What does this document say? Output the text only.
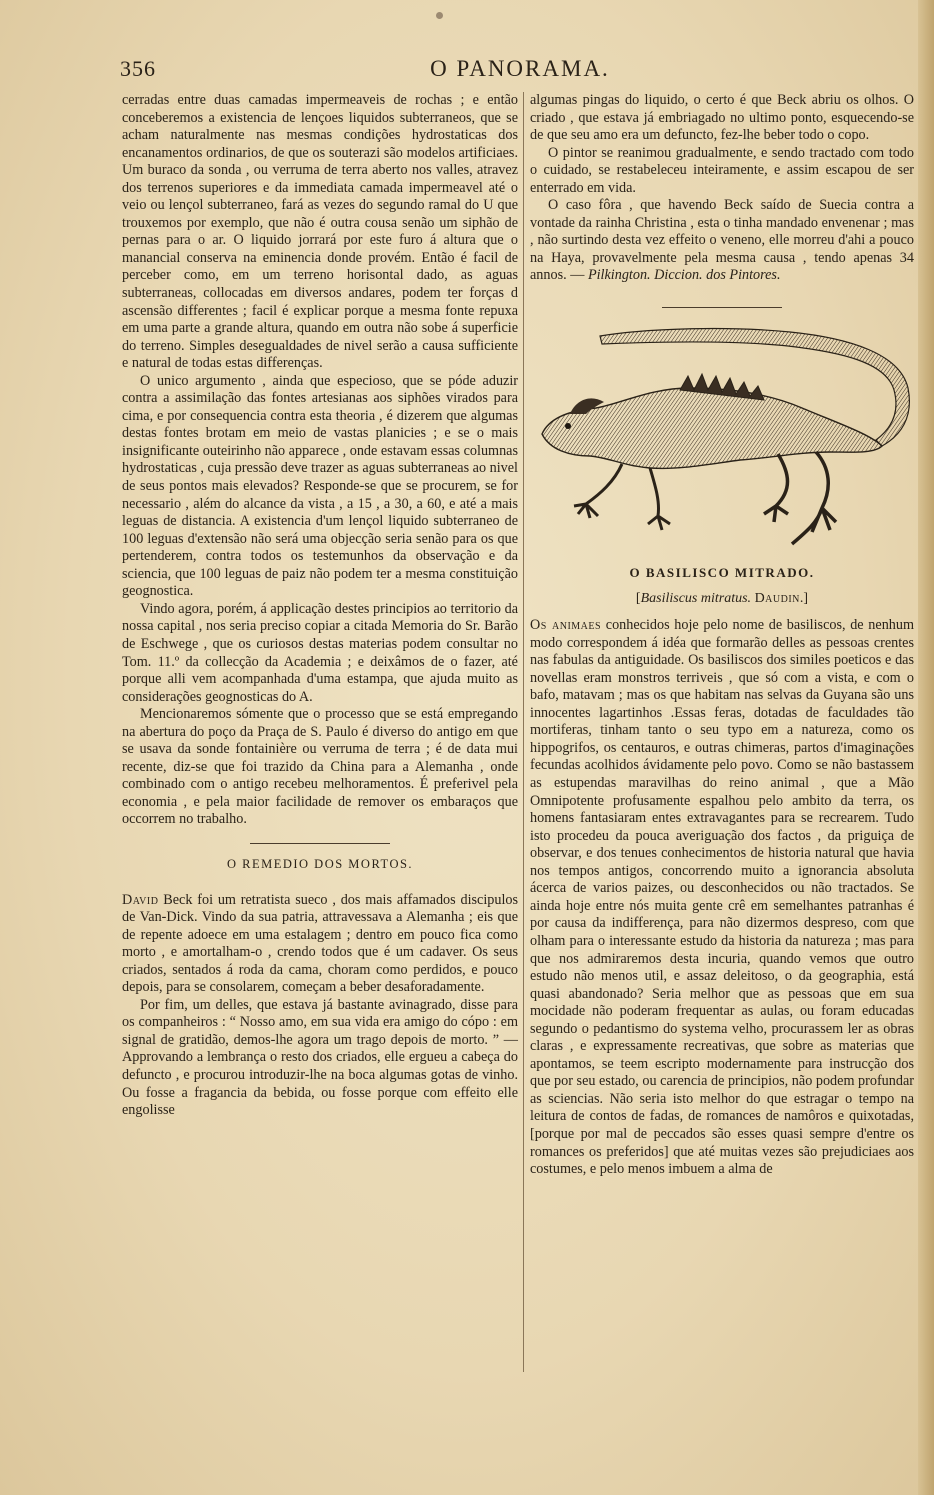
356	O PANORAMA.

cerradas entre duas camadas impermeaveis de rochas ; e então conceberemos a existencia de lençoes liquidos subterraneos, que se acham naturalmente nas mesmas condições hydrostaticas dos encanamentos ordinarios, de que os souterazi são modelos artificiaes. Um buraco da sonda , ou verruma de terra aberto nos valles, atravez dos terrenos superiores e da immediata camada impermeavel até o veio ou lençol subterraneo, fará as vezes do segundo ramal do U que trouxemos por exemplo, que não é outra cousa senão um siphão de pernas para o ar. O liquido jorrará por este furo á altura que o manancial conserva na eminencia donde provém. Então é facil de perceber como, em um terreno horisontal dado, as aguas subterraneas, collocadas em diversos andares, podem ter forças d ascensão differentes ; facil é explicar porque a mesma fonte repuxa em uma parte a grande altura, quando em outra não sobe á superficie do terreno. Simples desegualdades de nivel serão a causa sufficiente e natural de todas estas differenças.

O unico argumento , ainda que especioso, que se póde aduzir contra a assimilação das fontes artesianas aos siphões virados para cima, e por consequencia contra esta theoria , é dizerem que algumas destas fontes brotam em meio de vastas planicies ; e se o mais insignificante outeirinho não apparece , onde estavam essas columnas hydrostaticas , cuja pressão deve trazer as aguas subterraneas ao nivel de seus pontos mais elevados? Responde-se que se procurem, se for necessario , além do alcance da vista , a 15 , a 30, a 60, e até a mais leguas de distancia. A existencia d'um lençol liquido subterraneo de 100 leguas d'extensão não será uma objecção seria senão para os que pertenderem, contra todos os testemunhos da observação e da sciencia, que 100 leguas de paiz não podem ter a mesma constituição geognostica.

Vindo agora, porém, á applicação destes principios ao territorio da nossa capital , nos seria preciso copiar a citada Memoria do Sr. Barão de Eschwege , que os curiosos destas materias podem consultar no Tom. 11.º da collecção da Academia ; e deixâmos de o fazer, até porque alli vem acompanhada d'uma estampa, que ajuda muito as considerações geognosticas do A.

Mencionaremos sómente que o processo que se está empregando na abertura do poço da Praça de S. Paulo é diverso do antigo em que se usava da sonde fontainière ou verruma de terra ; é de data mui recente, diz-se que foi trazido da China para a Alemanha , onde combinado com o antigo recebeu melhoramentos. É preferivel pela economia , e pela maior facilidade de remover os embaraços que occorrem no trabalho.

O REMEDIO DOS MORTOS.

David Beck foi um retratista sueco , dos mais affamados discipulos de Van-Dick. Vindo da sua patria, attravessava a Alemanha ; eis que de repente adoece em uma estalagem ; dentro em pouco fica como morto , e amortalham-o , crendo todos que é um cadaver. Os seus criados, sentados á roda da cama, choram como perdidos, e pouco depois, para se consolarem, começam a beber desaforadamente.

Por fim, um delles, que estava já bastante avinagrado, disse para os companheiros : “ Nosso amo, em sua vida era amigo do cópo : em signal de gratidão, demos-lhe agora um trago depois de morto. ” — Approvando a lembrança o resto dos criados, elle ergueu a cabeça do defuncto , e procurou introduzir-lhe na boca algumas gotas de vinho. Ou fosse a fragancia da bebida, ou fosse porque com effeito elle engolisse

algumas pingas do liquido, o certo é que Beck abriu os olhos. O criado , que estava já embriagado no ultimo ponto, esquecendo-se de que seu amo era um defuncto, fez-lhe beber todo o copo.

O pintor se reanimou gradualmente, e sendo tractado com todo o cuidado, se restabeleceu inteiramente, e assim escapou de ser enterrado em vida.

O caso fôra , que havendo Beck saído de Suecia contra a vontade da rainha Christina , esta o tinha mandado envenenar ; mas , não surtindo desta vez effeito o veneno, elle morreu d'ahi a pouco na Haya, provavelmente pela mesma causa , tendo apenas 34 annos. — Pilkington. Diccion. dos Pintores.

O BASILISCO MITRADO.
[Basiliscus mitratus. Daudin.]

Os animaes conhecidos hoje pelo nome de basiliscos, de nenhum modo correspondem á idéa que formarão delles as pessoas crentes nas fabulas da antiguidade. Os basiliscos dos similes poeticos e das novellas eram monstros terriveis , que só com a vista, e com o bafo, matavam ; mas os que habitam nas selvas da Guyana são uns innocentes lagartinhos .Essas feras, dotadas de faculdades tão mortiferas, tinham tanto o seu typo em a natureza, como os hippogrifos, os centauros, e outras chimeras, partos d'imaginações fecundas acolhidos ávidamente pelo povo. Como se não bastassem as estupendas maravilhas do reino animal , que a Mão Omnipotente profusamente espalhou pelo ambito da terra, os homens fantasiaram entes extravagantes para se recrearem. Tudo isto procedeu da pouca averiguação dos factos , da priguiça de observar, e dos tenues conhecimentos de historia natural que havia nos tempos antigos, concorrendo muito a ignorancia absoluta ácerca de varios paizes, ou desconhecidos ou não tractados. Se ainda hoje entre nós muita gente crê em semelhantes patranhas é por causa da indifferença, para não dizermos despreso, com que olham para o interessante estudo da historia da natureza ; mas para que nos admiraremos desta incuria, quando vemos que outro estudo não menos util, e assaz deleitoso, o da geographia, está quasi abandonado? Seria melhor que as pessoas que em sua mocidade não poderam frequentar as aulas, ou foram educadas segundo o pedantismo do systema velho, procurassem ler as obras claras , e expressamente recreativas, que sobre as materias que apontamos, se teem escripto modernamente para instrucção dos que por seu estado, ou carencia de principios, não podem profundar as sciencias. Não seria isto melhor do que estragar o tempo na leitura de contos de fadas, de romances de namôros e quixotadas, [porque por mal de peccados são esses quasi sempre d'entre os romances os preferidos] que até muitas vezes são prejudiciaes aos costumes, e pelo menos imbuem a alma de
